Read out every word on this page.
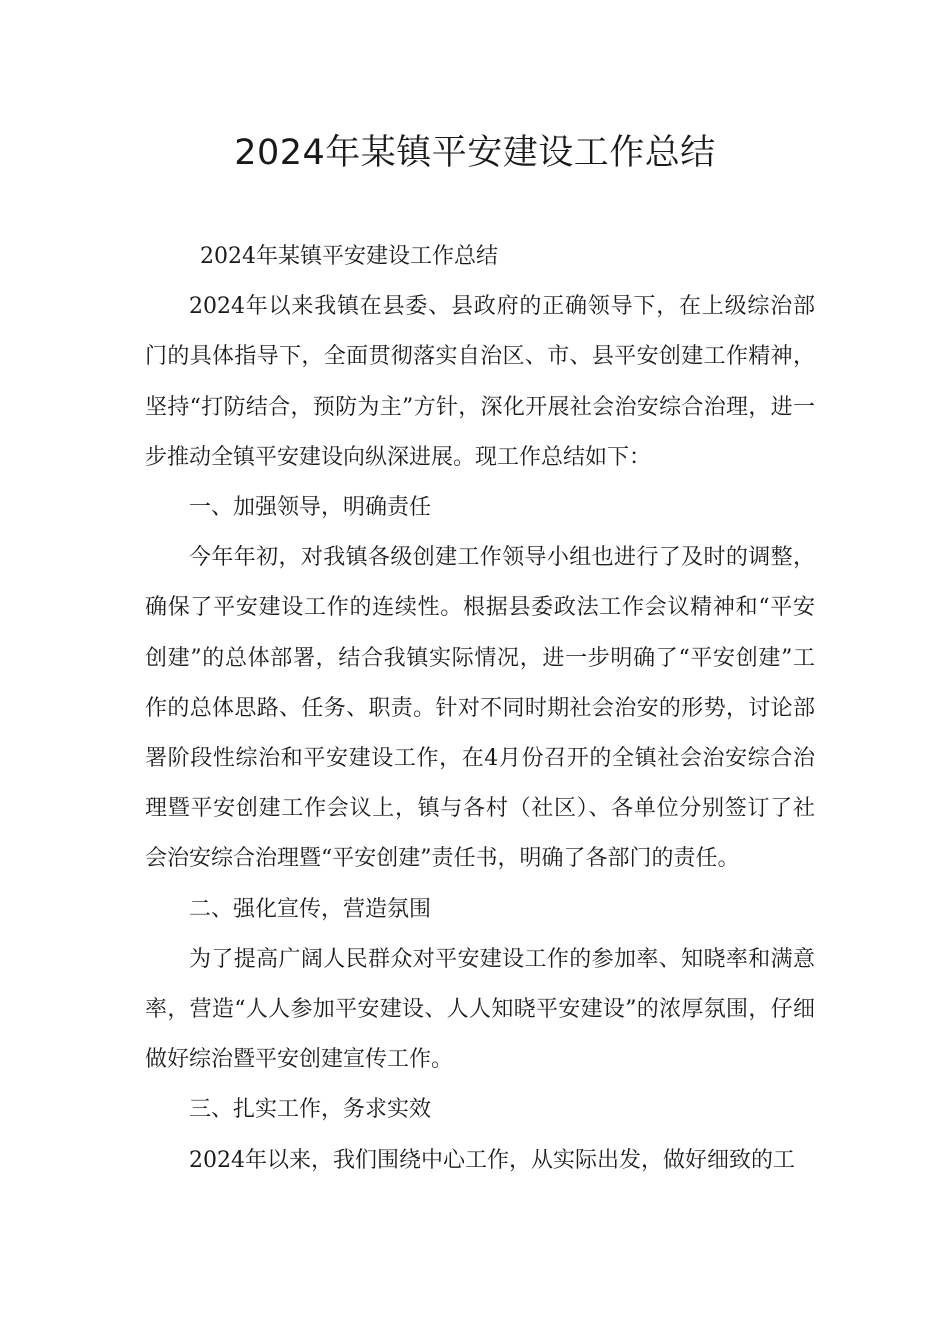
2024年某镇平安建设工作总结

2024年某镇平安建设工作总结

2024年以来我镇在县委、县政府的正确领导下，在上级综治部门的具体指导下，全面贯彻落实自治区、市、县平安创建工作精神，坚持“打防结合，预防为主”方针，深化开展社会治安综合治理，进一步推动全镇平安建设向纵深进展。现工作总结如下：

一、加强领导，明确责任

今年年初，对我镇各级创建工作领导小组也进行了及时的调整，确保了平安建设工作的连续性。根据县委政法工作会议精神和“平安创建”的总体部署，结合我镇实际情况，进一步明确了“平安创建”工作的总体思路、任务、职责。针对不同时期社会治安的形势，讨论部署阶段性综治和平安建设工作，在4月份召开的全镇社会治安综合治理暨平安创建工作会议上，镇与各村（社区）、各单位分别签订了社会治安综合治理暨“平安创建”责任书，明确了各部门的责任。

二、强化宣传，营造氛围

为了提高广阔人民群众对平安建设工作的参加率、知晓率和满意率，营造“人人参加平安建设、人人知晓平安建设”的浓厚氛围，仔细做好综治暨平安创建宣传工作。

三、扎实工作，务求实效

2024年以来，我们围绕中心工作，从实际出发，做好细致的工
